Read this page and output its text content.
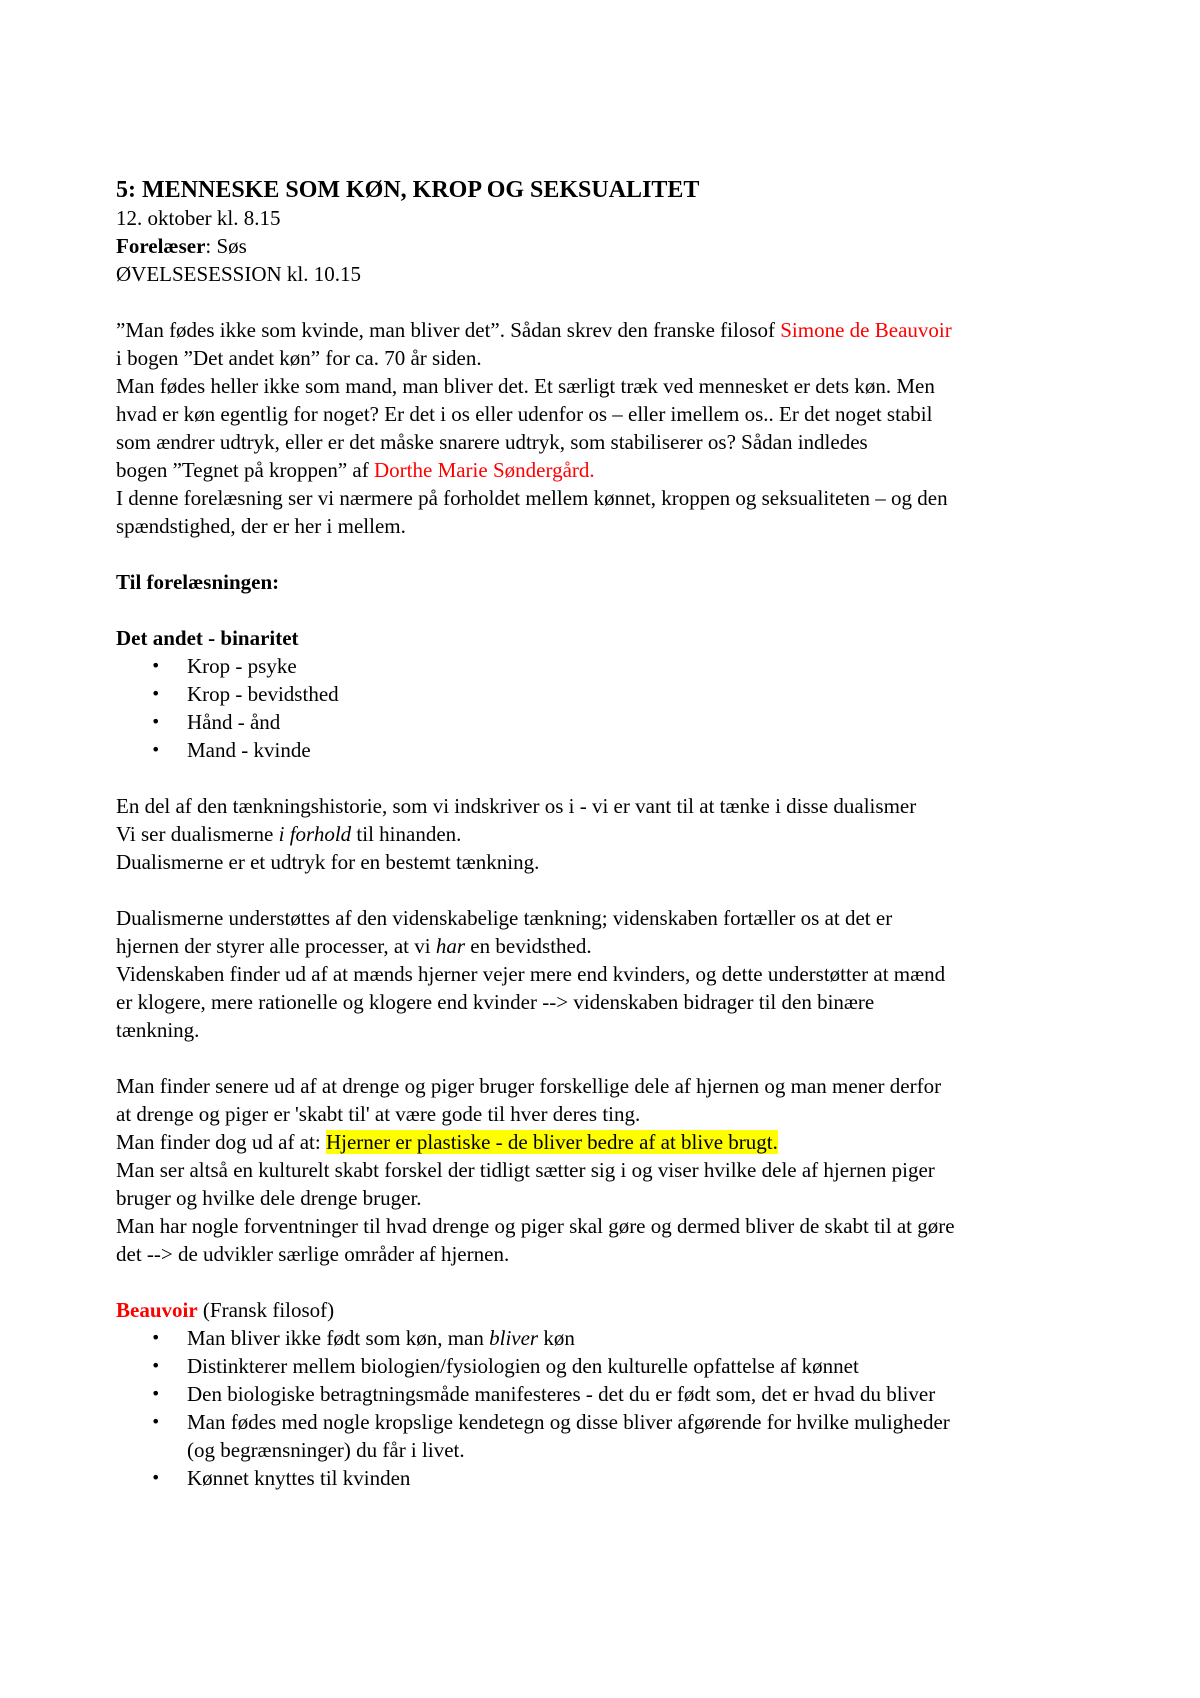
5: MENNESKE SOM KØN, KROP OG SEKSUALITET
12. oktober kl. 8.15
Forelæser: Søs
ØVELSESESSION kl. 10.15
”Man fødes ikke som kvinde, man bliver det”. Sådan skrev den franske filosof Simone de Beauvoir
i bogen ”Det andet køn” for ca. 70 år siden.
Man fødes heller ikke som mand, man bliver det. Et særligt træk ved mennesket er dets køn. Men
hvad er køn egentlig for noget? Er det i os eller udenfor os – eller imellem os.. Er det noget stabil
som ændrer udtryk, eller er det måske snarere udtryk, som stabiliserer os? Sådan indledes
bogen ”Tegnet på kroppen” af Dorthe Marie Søndergård.
I denne forelæsning ser vi nærmere på forholdet mellem kønnet, kroppen og seksualiteten – og den
spændstighed, der er her i mellem.
Til forelæsningen:
Det andet - binaritet
• Krop - psyke
• Krop - bevidsthed
• Hånd - ånd
• Mand - kvinde
En del af den tænkningshistorie, som vi indskriver os i - vi er vant til at tænke i disse dualismer
Vi ser dualismerne i forhold til hinanden.
Dualismerne er et udtryk for en bestemt tænkning.
Dualismerne understøttes af den videnskabelige tænkning; videnskaben fortæller os at det er
hjernen der styrer alle processer, at vi har en bevidsthed.
Videnskaben finder ud af at mænds hjerner vejer mere end kvinders, og dette understøtter at mænd
er klogere, mere rationelle og klogere end kvinder --> videnskaben bidrager til den binære
tænkning.
Man finder senere ud af at drenge og piger bruger forskellige dele af hjernen og man mener derfor
at drenge og piger er 'skabt til' at være gode til hver deres ting.
Man finder dog ud af at: Hjerner er plastiske - de bliver bedre af at blive brugt.
Man ser altså en kulturelt skabt forskel der tidligt sætter sig i og viser hvilke dele af hjernen piger
bruger og hvilke dele drenge bruger.
Man har nogle forventninger til hvad drenge og piger skal gøre og dermed bliver de skabt til at gøre
det --> de udvikler særlige områder af hjernen.
Beauvoir (Fransk filosof)
• Man bliver ikke født som køn, man bliver køn
• Distinkterer mellem biologien/fysiologien og den kulturelle opfattelse af kønnet
• Den biologiske betragtningsmåde manifesteres - det du er født som, det er hvad du bliver
• Man fødes med nogle kropslige kendetegn og disse bliver afgørende for hvilke muligheder
(og begrænsninger) du får i livet.
• Kønnet knyttes til kvinden
